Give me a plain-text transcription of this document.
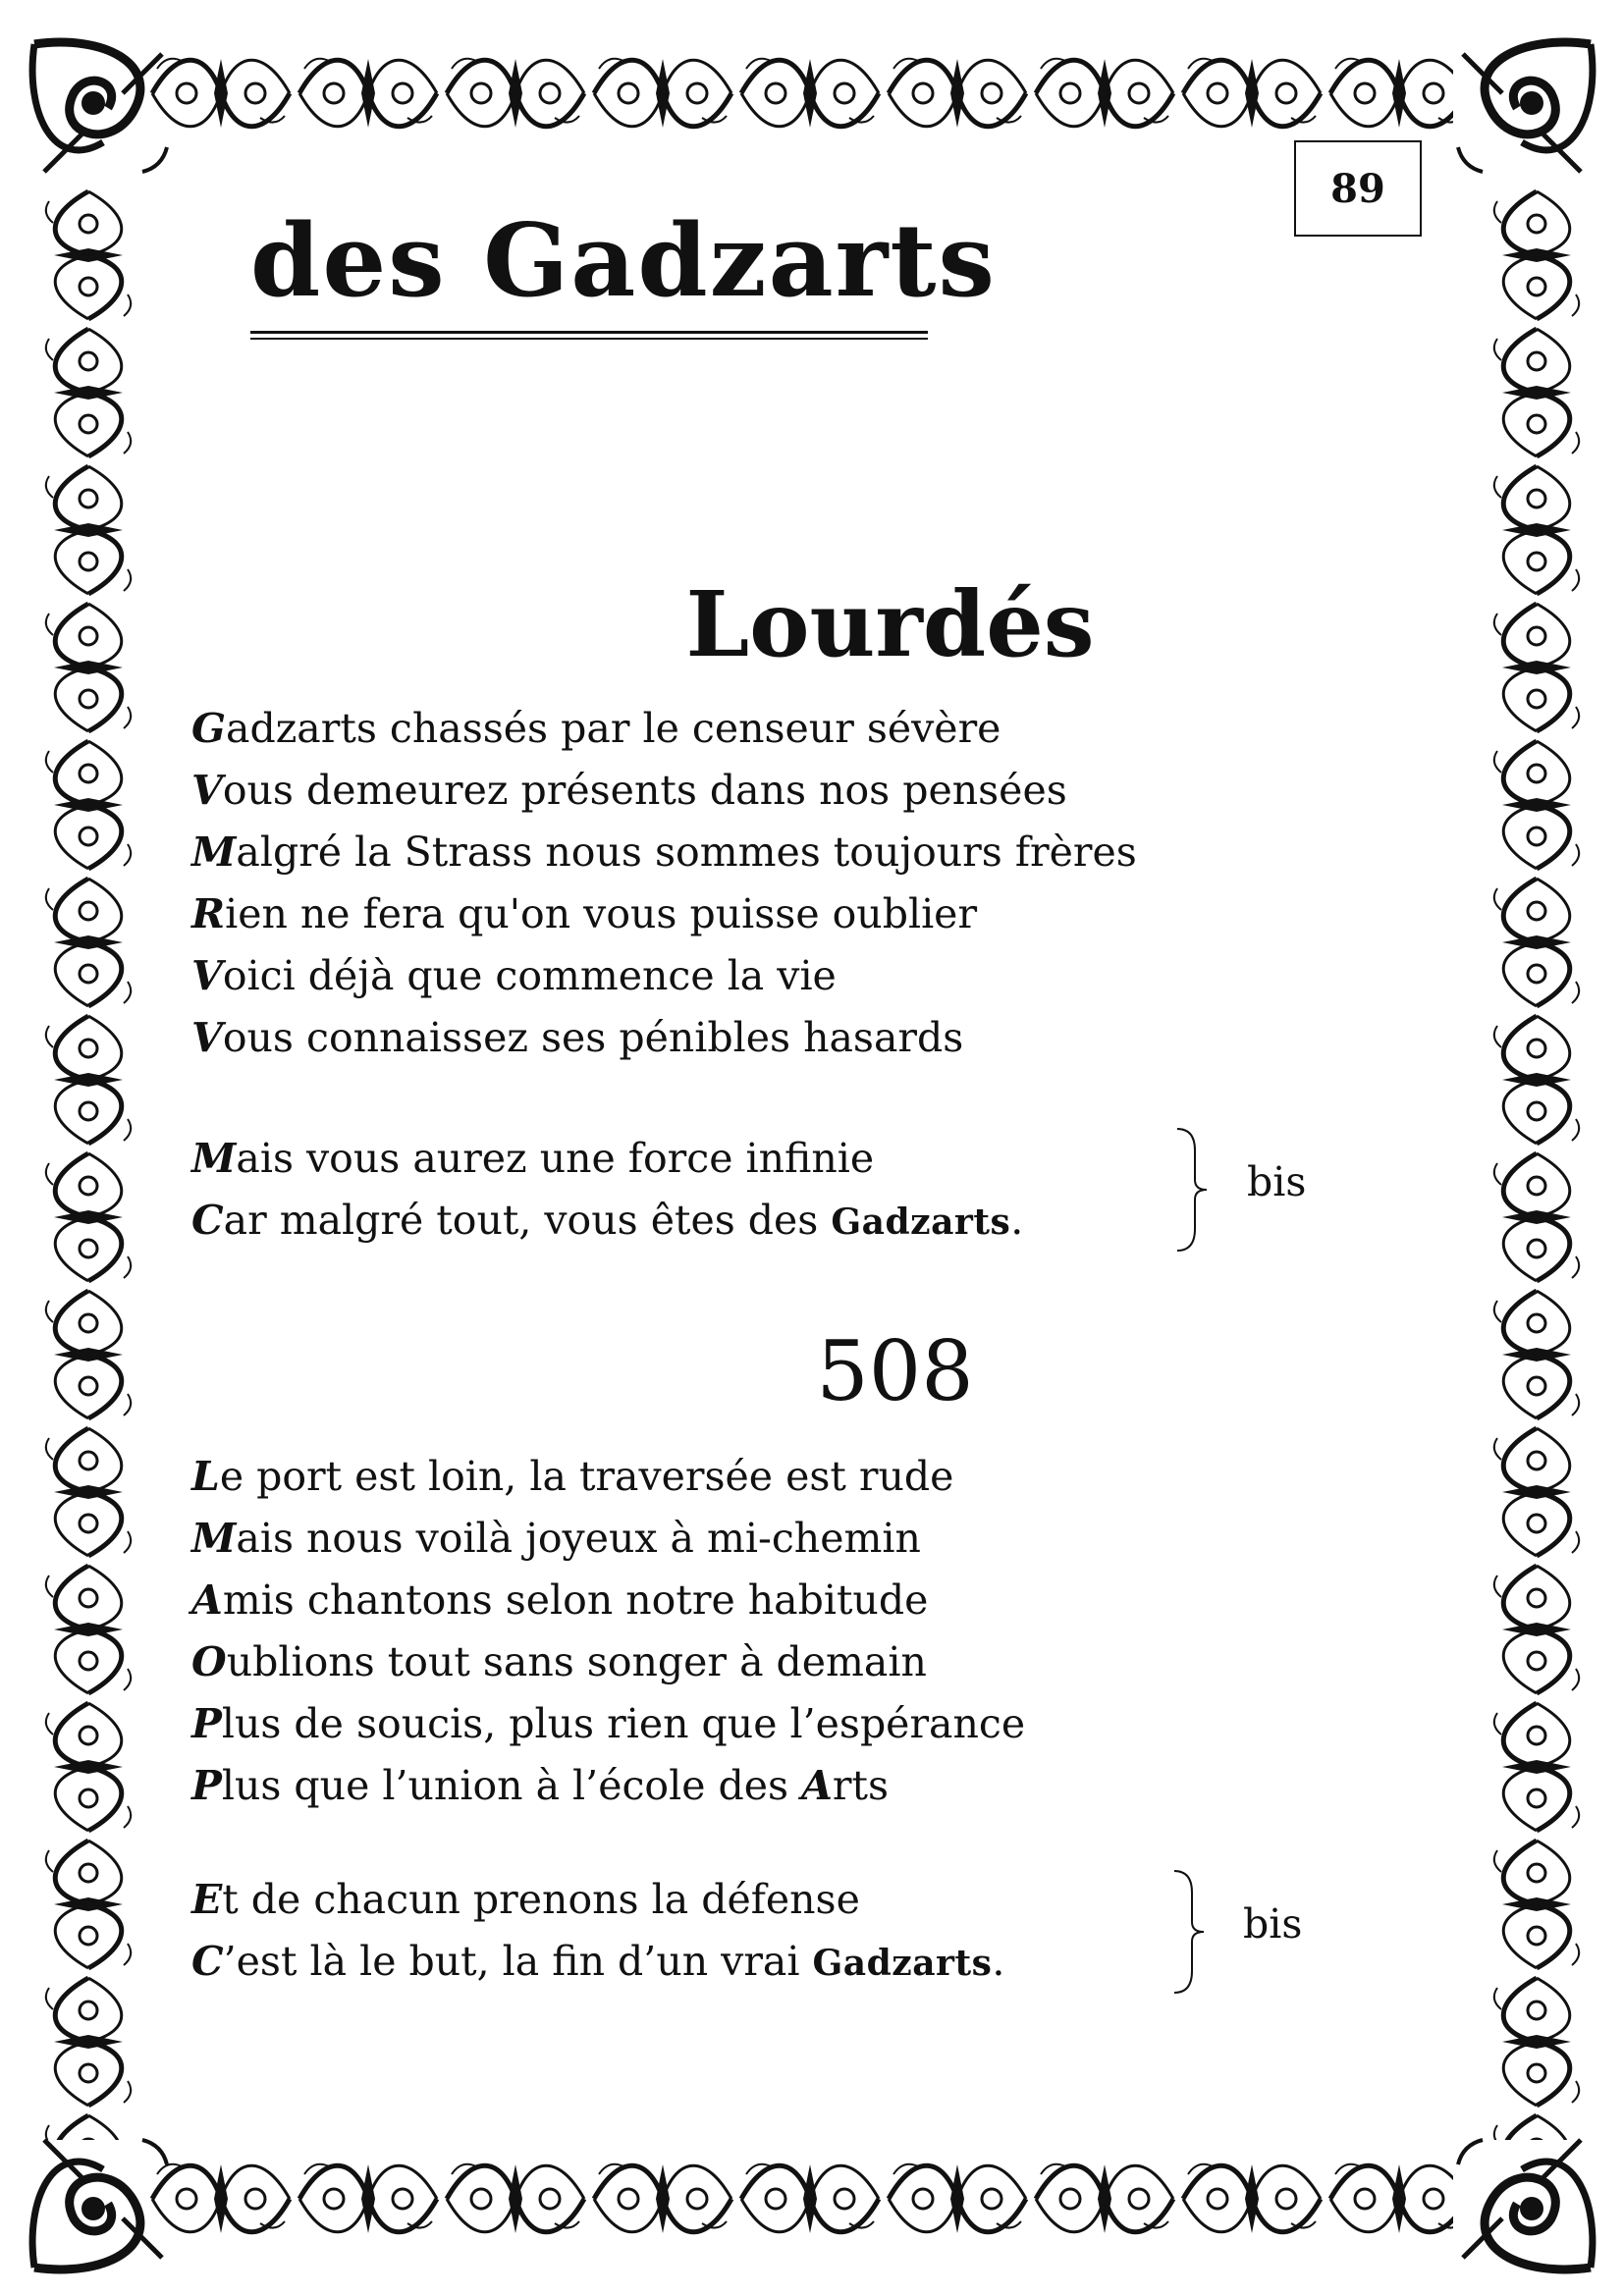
89
des Gadzarts
Lourdés
Gadzarts chassés par le censeur sévère
Vous demeurez présents dans nos pensées
Malgré la Strass nous sommes toujours frères
Rien ne fera qu'on vous puisse oublier
Voici déjà que commence la vie
Vous connaissez ses pénibles hasards
Mais vous aurez une force infinie
Car malgré tout, vous êtes des Gadzarts.
bis
508
Le port est loin, la traversée est rude
Mais nous voilà joyeux à mi-chemin
Amis chantons selon notre habitude
Oublions tout sans songer à demain
Plus de soucis, plus rien que l’espérance
Plus que l’union à l’école des Arts
Et de chacun prenons la défense
C’est là le but, la fin d’un vrai Gadzarts.
bis
